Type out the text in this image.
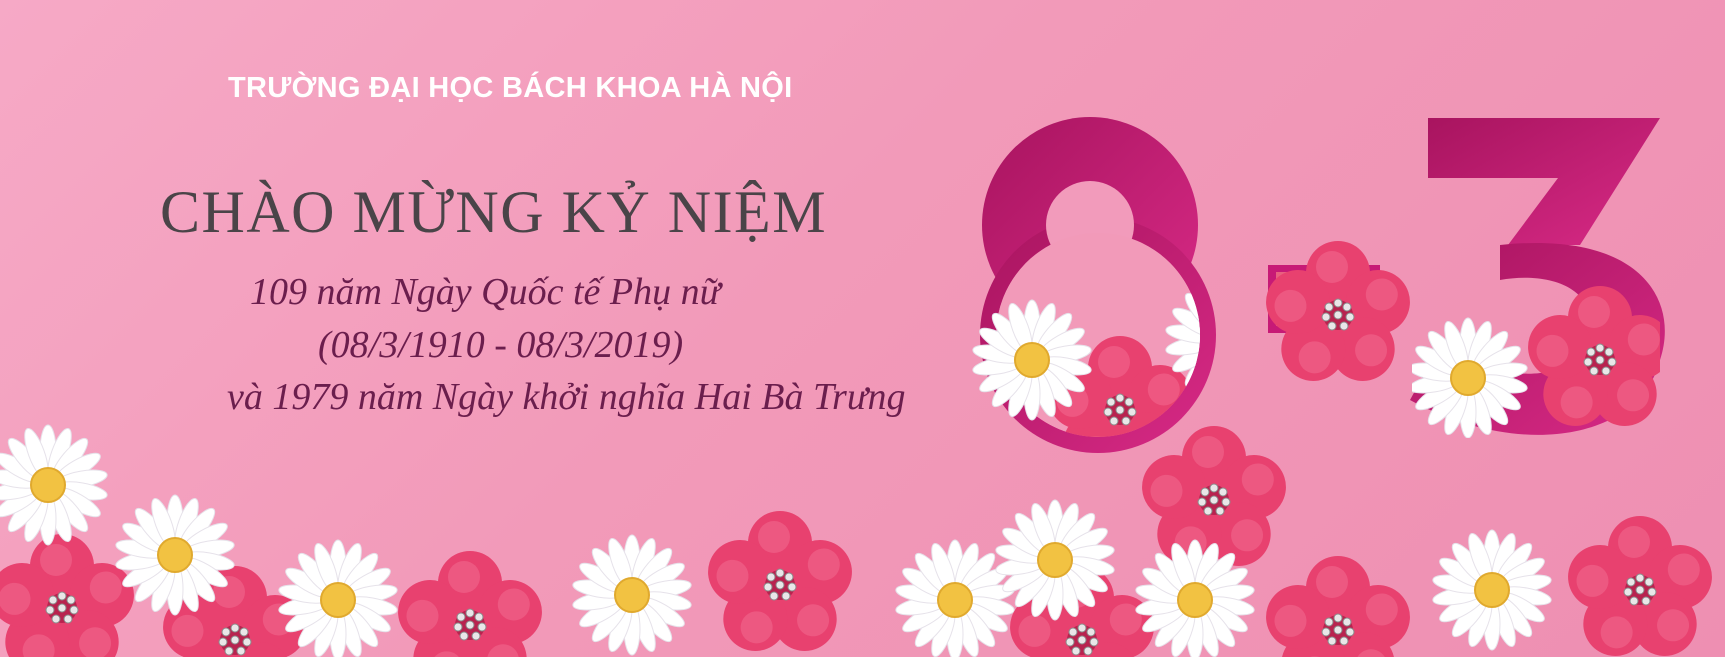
TRƯỜNG ĐẠI HỌC BÁCH KHOA HÀ NỘI
CHÀO MỪNG KỶ NIỆM
109 năm Ngày Quốc tế Phụ nữ
(08/3/1910 - 08/3/2019)
và 1979 năm Ngày khởi nghĩa Hai Bà Trưng
